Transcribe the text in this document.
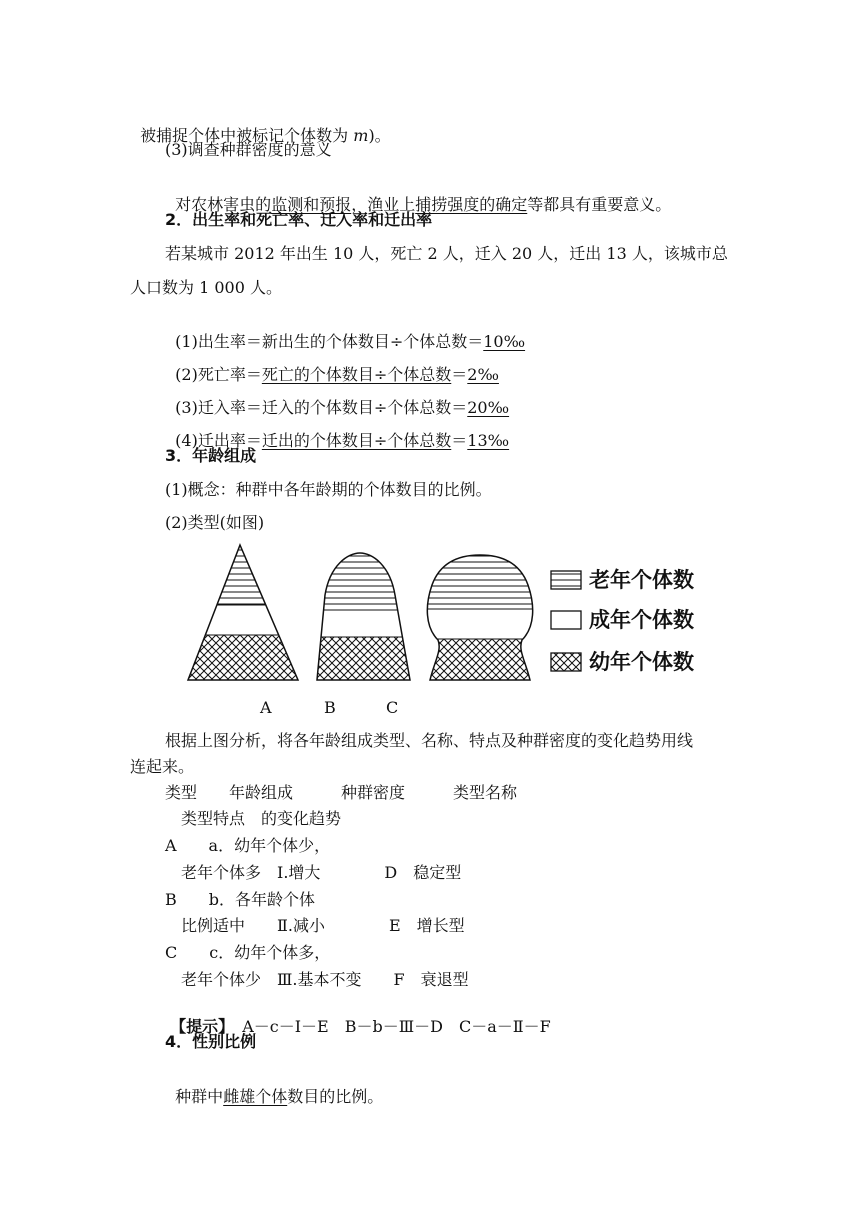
被捕捉个体中被标记个体数为 m)。

(3)调查种群密度的意义

对农林害虫的监测和预报，渔业上捕捞强度的确定等都具有重要意义。

2．出生率和死亡率、迁入率和迁出率
若某城市 2012 年出生 10 人，死亡 2 人，迁入 20 人，迁出 13 人，该城市总
人口数为 1 000 人。

(1)出生率＝新出生的个体数目÷个体总数＝10‰

(2)死亡率＝死亡的个体数目÷个体总数＝2‰

(3)迁入率＝迁入的个体数目÷个体总数＝20‰

(4)迁出率＝迁出的个体数目÷个体总数＝13‰

3．年龄组成
(1)概念：种群中各年龄期的个体数目的比例。
(2)类型(如图)
老年个体数
成年个体数
幼年个体数
A	B	C
根据上图分析，将各年龄组成类型、名称、特点及种群密度的变化趋势用线
连起来。
类型　　年龄组成　　　种群密度　　　类型名称
　类型特点　的变化趋势
A　　a．幼年个体少，
　老年个体多　Ⅰ.增大　　　　D　稳定型
B　　b．各年龄个体
　比例适中　　Ⅱ.减小　　　　E　增长型
C　　c．幼年个体多，
　老年个体少　Ⅲ.基本不变　　F　衰退型

【提示】　A－c－Ⅰ－E　B－b－Ⅲ－D　C－a－Ⅱ－F

4．性别比例

种群中雌雄个体数目的比例。
